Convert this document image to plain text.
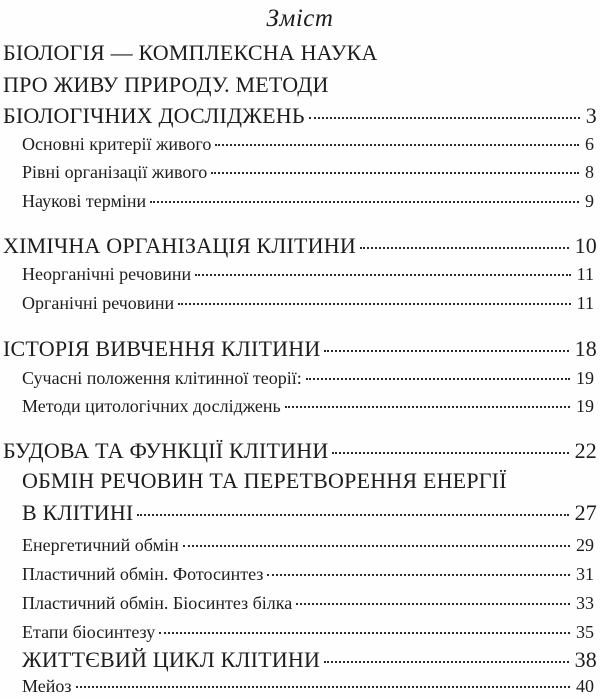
Зміст
БІОЛОГІЯ — КОМПЛЕКСНА НАУКА
ПРО ЖИВУ ПРИРОДУ. МЕТОДИ
БІОЛОГІЧНИХ ДОСЛІДЖЕНЬ	3
Основні критерії живого	6
Рівні організації живого	8
Наукові терміни	9
ХІМІЧНА ОРГАНІЗАЦІЯ КЛІТИНИ	10
Неорганічні речовини	11
Органічні речовини	11
ІСТОРІЯ ВИВЧЕННЯ КЛІТИНИ	18
Сучасні положення клітинної теорії:	19
Методи цитологічних досліджень	19
БУДОВА ТА ФУНКЦІЇ КЛІТИНИ	22
ОБМІН РЕЧОВИН ТА ПЕРЕТВОРЕННЯ ЕНЕРГІЇ
В КЛІТИНІ	27
Енергетичний обмін	29
Пластичний обмін. Фотосинтез	31
Пластичний обмін. Біосинтез білка	33
Етапи біосинтезу	35
ЖИТТЄВИЙ ЦИКЛ КЛІТИНИ	38
Мейоз	40
